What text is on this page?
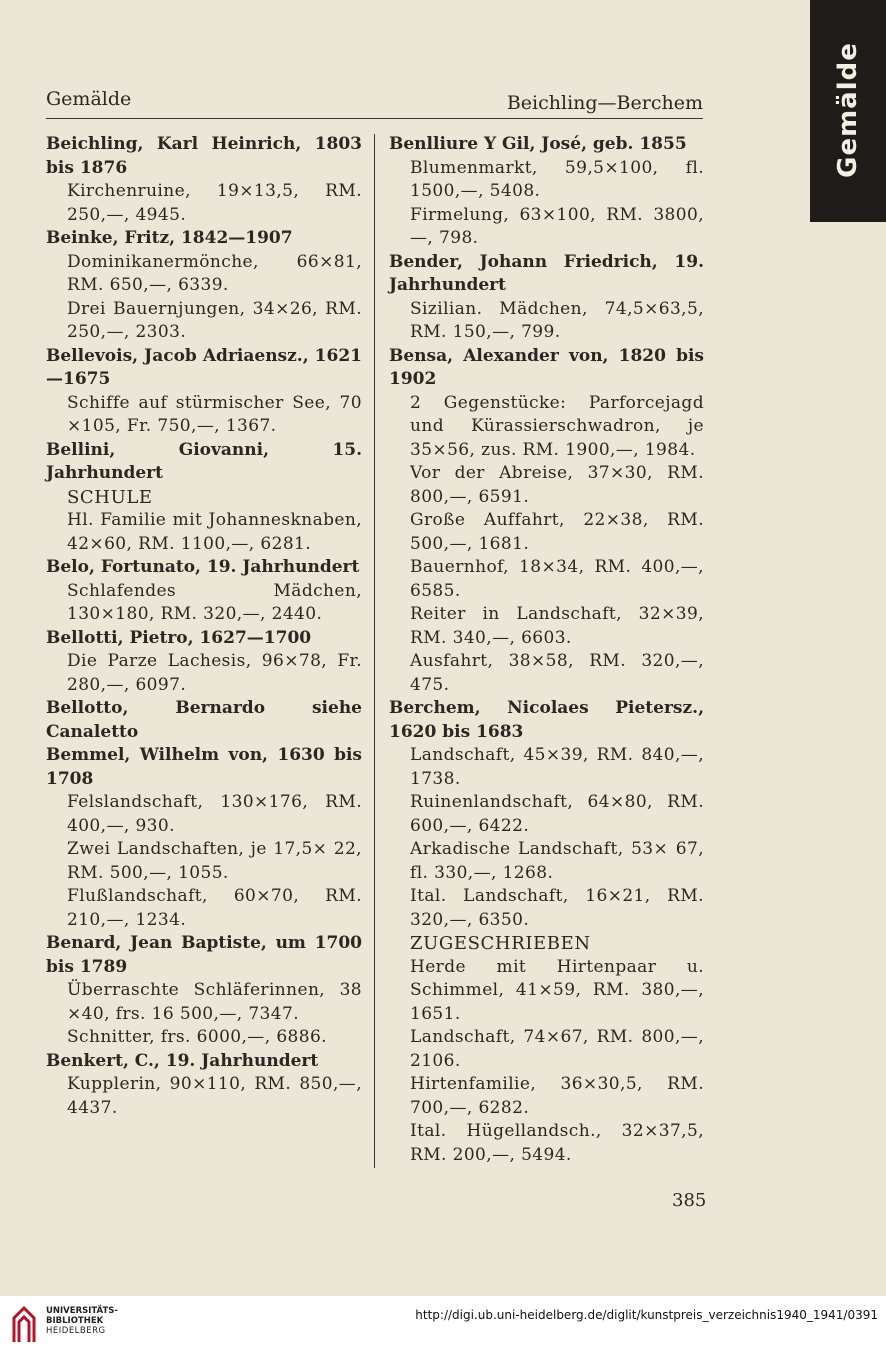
Gemälde
Gemälde	Beichling—Berchem
Beichling, Karl Heinrich, 1803 bis 1876
Kirchenruine, 19×13,5, RM. 250,—, 4945.
Beinke, Fritz, 1842—1907
Dominikanermönche, 66×81, RM. 650,—, 6339.
Drei Bauernjungen, 34×26, RM. 250,—, 2303.
Bellevois, Jacob Adriaensz., 1621—1675
Schiffe auf stürmischer See, 70 ×105, Fr. 750,—, 1367.
Bellini, Giovanni, 15. Jahrhundert
SCHULE
Hl. Familie mit Johannesknaben, 42×60, RM. 1100,—, 6281.
Belo, Fortunato, 19. Jahrhundert
Schlafendes Mädchen, 130×180, RM. 320,—, 2440.
Bellotti, Pietro, 1627—1700
Die Parze Lachesis, 96×78, Fr. 280,—, 6097.
Bellotto, Bernardo siehe Canaletto
Bemmel, Wilhelm von, 1630 bis 1708
Felslandschaft, 130×176, RM. 400,—, 930.
Zwei Landschaften, je 17,5× 22, RM. 500,—, 1055.
Flußlandschaft, 60×70, RM. 210,—, 1234.
Benard, Jean Baptiste, um 1700 bis 1789
Überraschte Schläferinnen, 38 ×40, frs. 16 500,—, 7347.
Schnitter, frs. 6000,—, 6886.
Benkert, C., 19. Jahrhundert
Kupplerin, 90×110, RM. 850,—, 4437.
Benlliure Y Gil, José, geb. 1855
Blumenmarkt, 59,5×100, fl. 1500,—, 5408.
Firmelung, 63×100, RM. 3800,—, 798.
Bender, Johann Friedrich, 19. Jahrhundert
Sizilian. Mädchen, 74,5×63,5, RM. 150,—, 799.
Bensa, Alexander von, 1820 bis 1902
2 Gegenstücke: Parforcejagd und Kürassierschwadron, je 35×56, zus. RM. 1900,—, 1984.
Vor der Abreise, 37×30, RM. 800,—, 6591.
Große Auffahrt, 22×38, RM. 500,—, 1681.
Bauernhof, 18×34, RM. 400,—, 6585.
Reiter in Landschaft, 32×39, RM. 340,—, 6603.
Ausfahrt, 38×58, RM. 320,—, 475.
Berchem, Nicolaes Pietersz., 1620 bis 1683
Landschaft, 45×39, RM. 840,—, 1738.
Ruinenlandschaft, 64×80, RM. 600,—, 6422.
Arkadische Landschaft, 53× 67, fl. 330,—, 1268.
Ital. Landschaft, 16×21, RM. 320,—, 6350.
ZUGESCHRIEBEN
Herde mit Hirtenpaar u. Schimmel, 41×59, RM. 380,—, 1651.
Landschaft, 74×67, RM. 800,—, 2106.
Hirtenfamilie, 36×30,5, RM. 700,—, 6282.
Ital. Hügellandsch., 32×37,5, RM. 200,—, 5494.
385
UNIVERSITÄTS-
BIBLIOTHEK
HEIDELBERG
http://digi.ub.uni-heidelberg.de/diglit/kunstpreis_verzeichnis1940_1941/0391
